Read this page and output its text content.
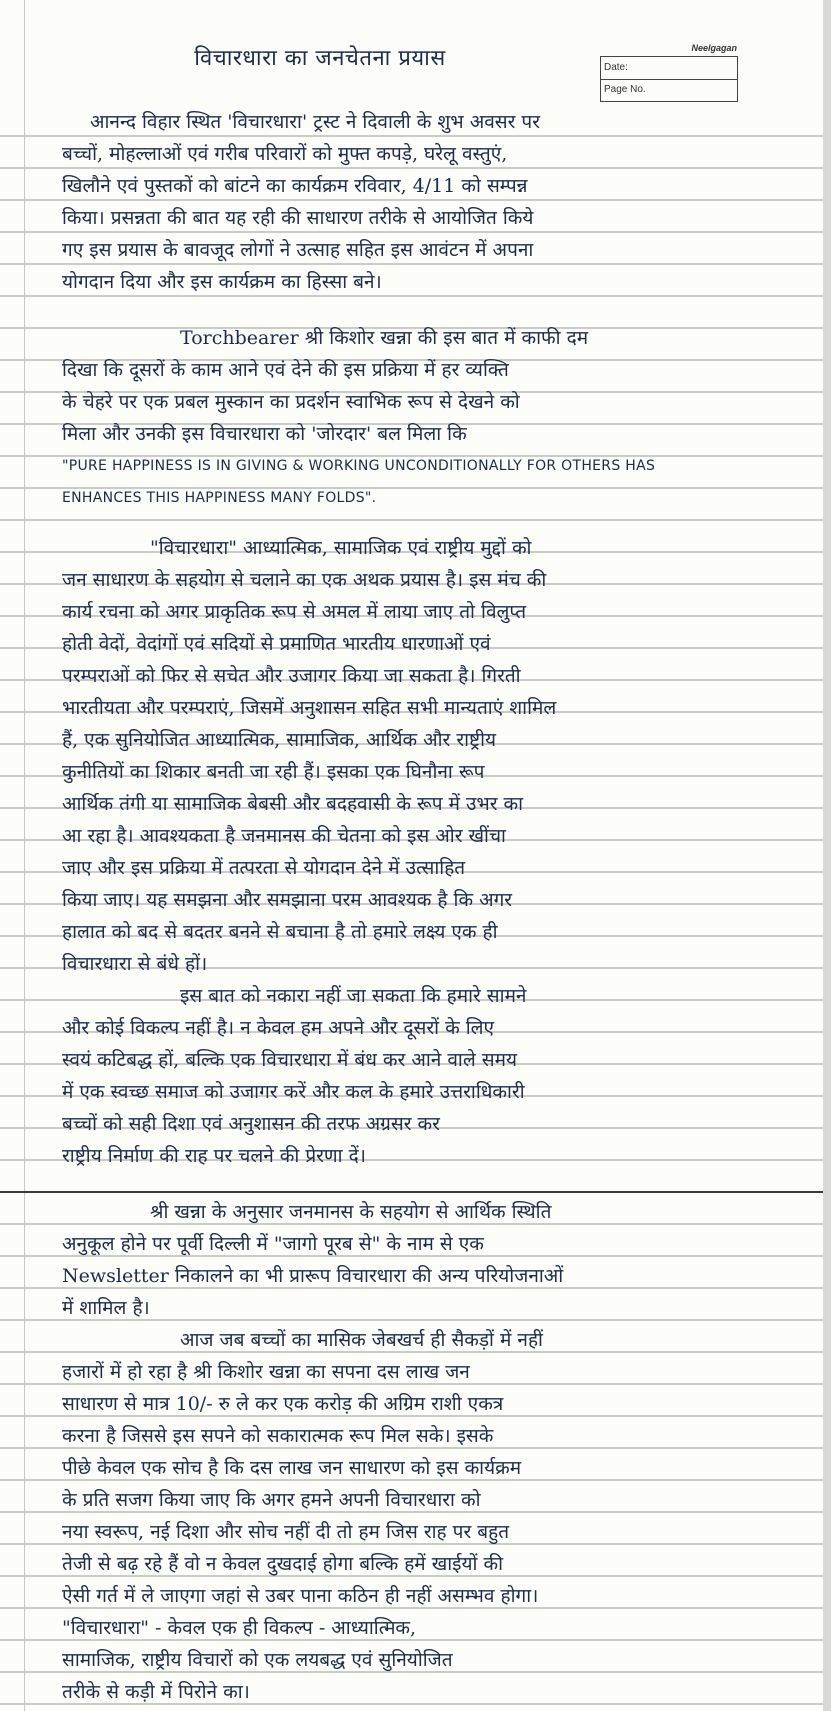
विचारधारा का जनचेतना प्रयास	Neelgagan
Date:
Page No.
आनन्द विहार स्थित 'विचारधारा' ट्रस्ट ने दिवाली के शुभ अवसर पर
बच्चों, मोहल्लाओं एवं गरीब परिवारों को मुफ्त कपड़े, घरेलू वस्तुएं,
खिलौने एवं पुस्तकों को बांटने का कार्यक्रम रविवार, 4/11 को सम्पन्न
किया। प्रसन्नता की बात यह रही की साधारण तरीके से आयोजित किये
गए इस प्रयास के बावजूद लोगों ने उत्साह सहित इस आवंटन में अपना
योगदान दिया और इस कार्यक्रम का हिस्सा बने।
Torchbearer श्री किशोर खन्ना की इस बात में काफी दम
दिखा कि दूसरों के काम आने एवं देने की इस प्रक्रिया में हर व्यक्ति
के चेहरे पर एक प्रबल मुस्कान का प्रदर्शन स्वाभिक रूप से देखने को
मिला और उनकी इस विचारधारा को 'जोरदार' बल मिला कि
"PURE HAPPINESS IS IN GIVING & WORKING UNCONDITIONALLY FOR OTHERS HAS
ENHANCES THIS HAPPINESS MANY FOLDS".
"विचारधारा" आध्यात्मिक, सामाजिक एवं राष्ट्रीय मुद्दों को
जन साधारण के सहयोग से चलाने का एक अथक प्रयास है। इस मंच की
कार्य रचना को अगर प्राकृतिक रूप से अमल में लाया जाए तो विलुप्त
होती वेदों, वेदांगों एवं सदियों से प्रमाणित भारतीय धारणाओं एवं
परम्पराओं को फिर से सचेत और उजागर किया जा सकता है। गिरती
भारतीयता और परम्पराएं, जिसमें अनुशासन सहित सभी मान्यताएं शामिल
हैं, एक सुनियोजित आध्यात्मिक, सामाजिक, आर्थिक और राष्ट्रीय
कुनीतियों का शिकार बनती जा रही हैं। इसका एक घिनौना रूप
आर्थिक तंगी या सामाजिक बेबसी और बदहवासी के रूप में उभर का
आ रहा है। आवश्यकता है जनमानस की चेतना को इस ओर खींचा
जाए और इस प्रक्रिया में तत्परता से योगदान देने में उत्साहित
किया जाए। यह समझना और समझाना परम आवश्यक है कि अगर
हालात को बद से बदतर बनने से बचाना है तो हमारे लक्ष्य एक ही
विचारधारा से बंधे हों।
इस बात को नकारा नहीं जा सकता कि हमारे सामने
और कोई विकल्प नहीं है। न केवल हम अपने और दूसरों के लिए
स्वयं कटिबद्ध हों, बल्कि एक विचारधारा में बंध कर आने वाले समय
में एक स्वच्छ समाज को उजागर करें और कल के हमारे उत्तराधिकारी
बच्चों को सही दिशा एवं अनुशासन की तरफ अग्रसर कर
राष्ट्रीय निर्माण की राह पर चलने की प्रेरणा दें।
श्री खन्ना के अनुसार जनमानस के सहयोग से आर्थिक स्थिति
अनुकूल होने पर पूर्वी दिल्ली में "जागो पूरब से" के नाम से एक
Newsletter निकालने का भी प्रारूप विचारधारा की अन्य परियोजनाओं
में शामिल है।
आज जब बच्चों का मासिक जेबखर्च ही सैकड़ों में नहीं
हजारों में हो रहा है श्री किशोर खन्ना का सपना दस लाख जन
साधारण से मात्र 10/- रु ले कर एक करोड़ की अग्रिम राशी एकत्र
करना है जिससे इस सपने को सकारात्मक रूप मिल सके। इसके
पीछे केवल एक सोच है कि दस लाख जन साधारण को इस कार्यक्रम
के प्रति सजग किया जाए कि अगर हमने अपनी विचारधारा को
नया स्वरूप, नई दिशा और सोच नहीं दी तो हम जिस राह पर बहुत
तेजी से बढ़ रहे हैं वो न केवल दुखदाई होगा बल्कि हमें खाईयों की
ऐसी गर्त में ले जाएगा जहां से उबर पाना कठिन ही नहीं असम्भव होगा।
"विचारधारा" - केवल एक ही विकल्प - आध्यात्मिक,
सामाजिक, राष्ट्रीय विचारों को एक लयबद्ध एवं सुनियोजित
तरीके से कड़ी में पिरोने का।
